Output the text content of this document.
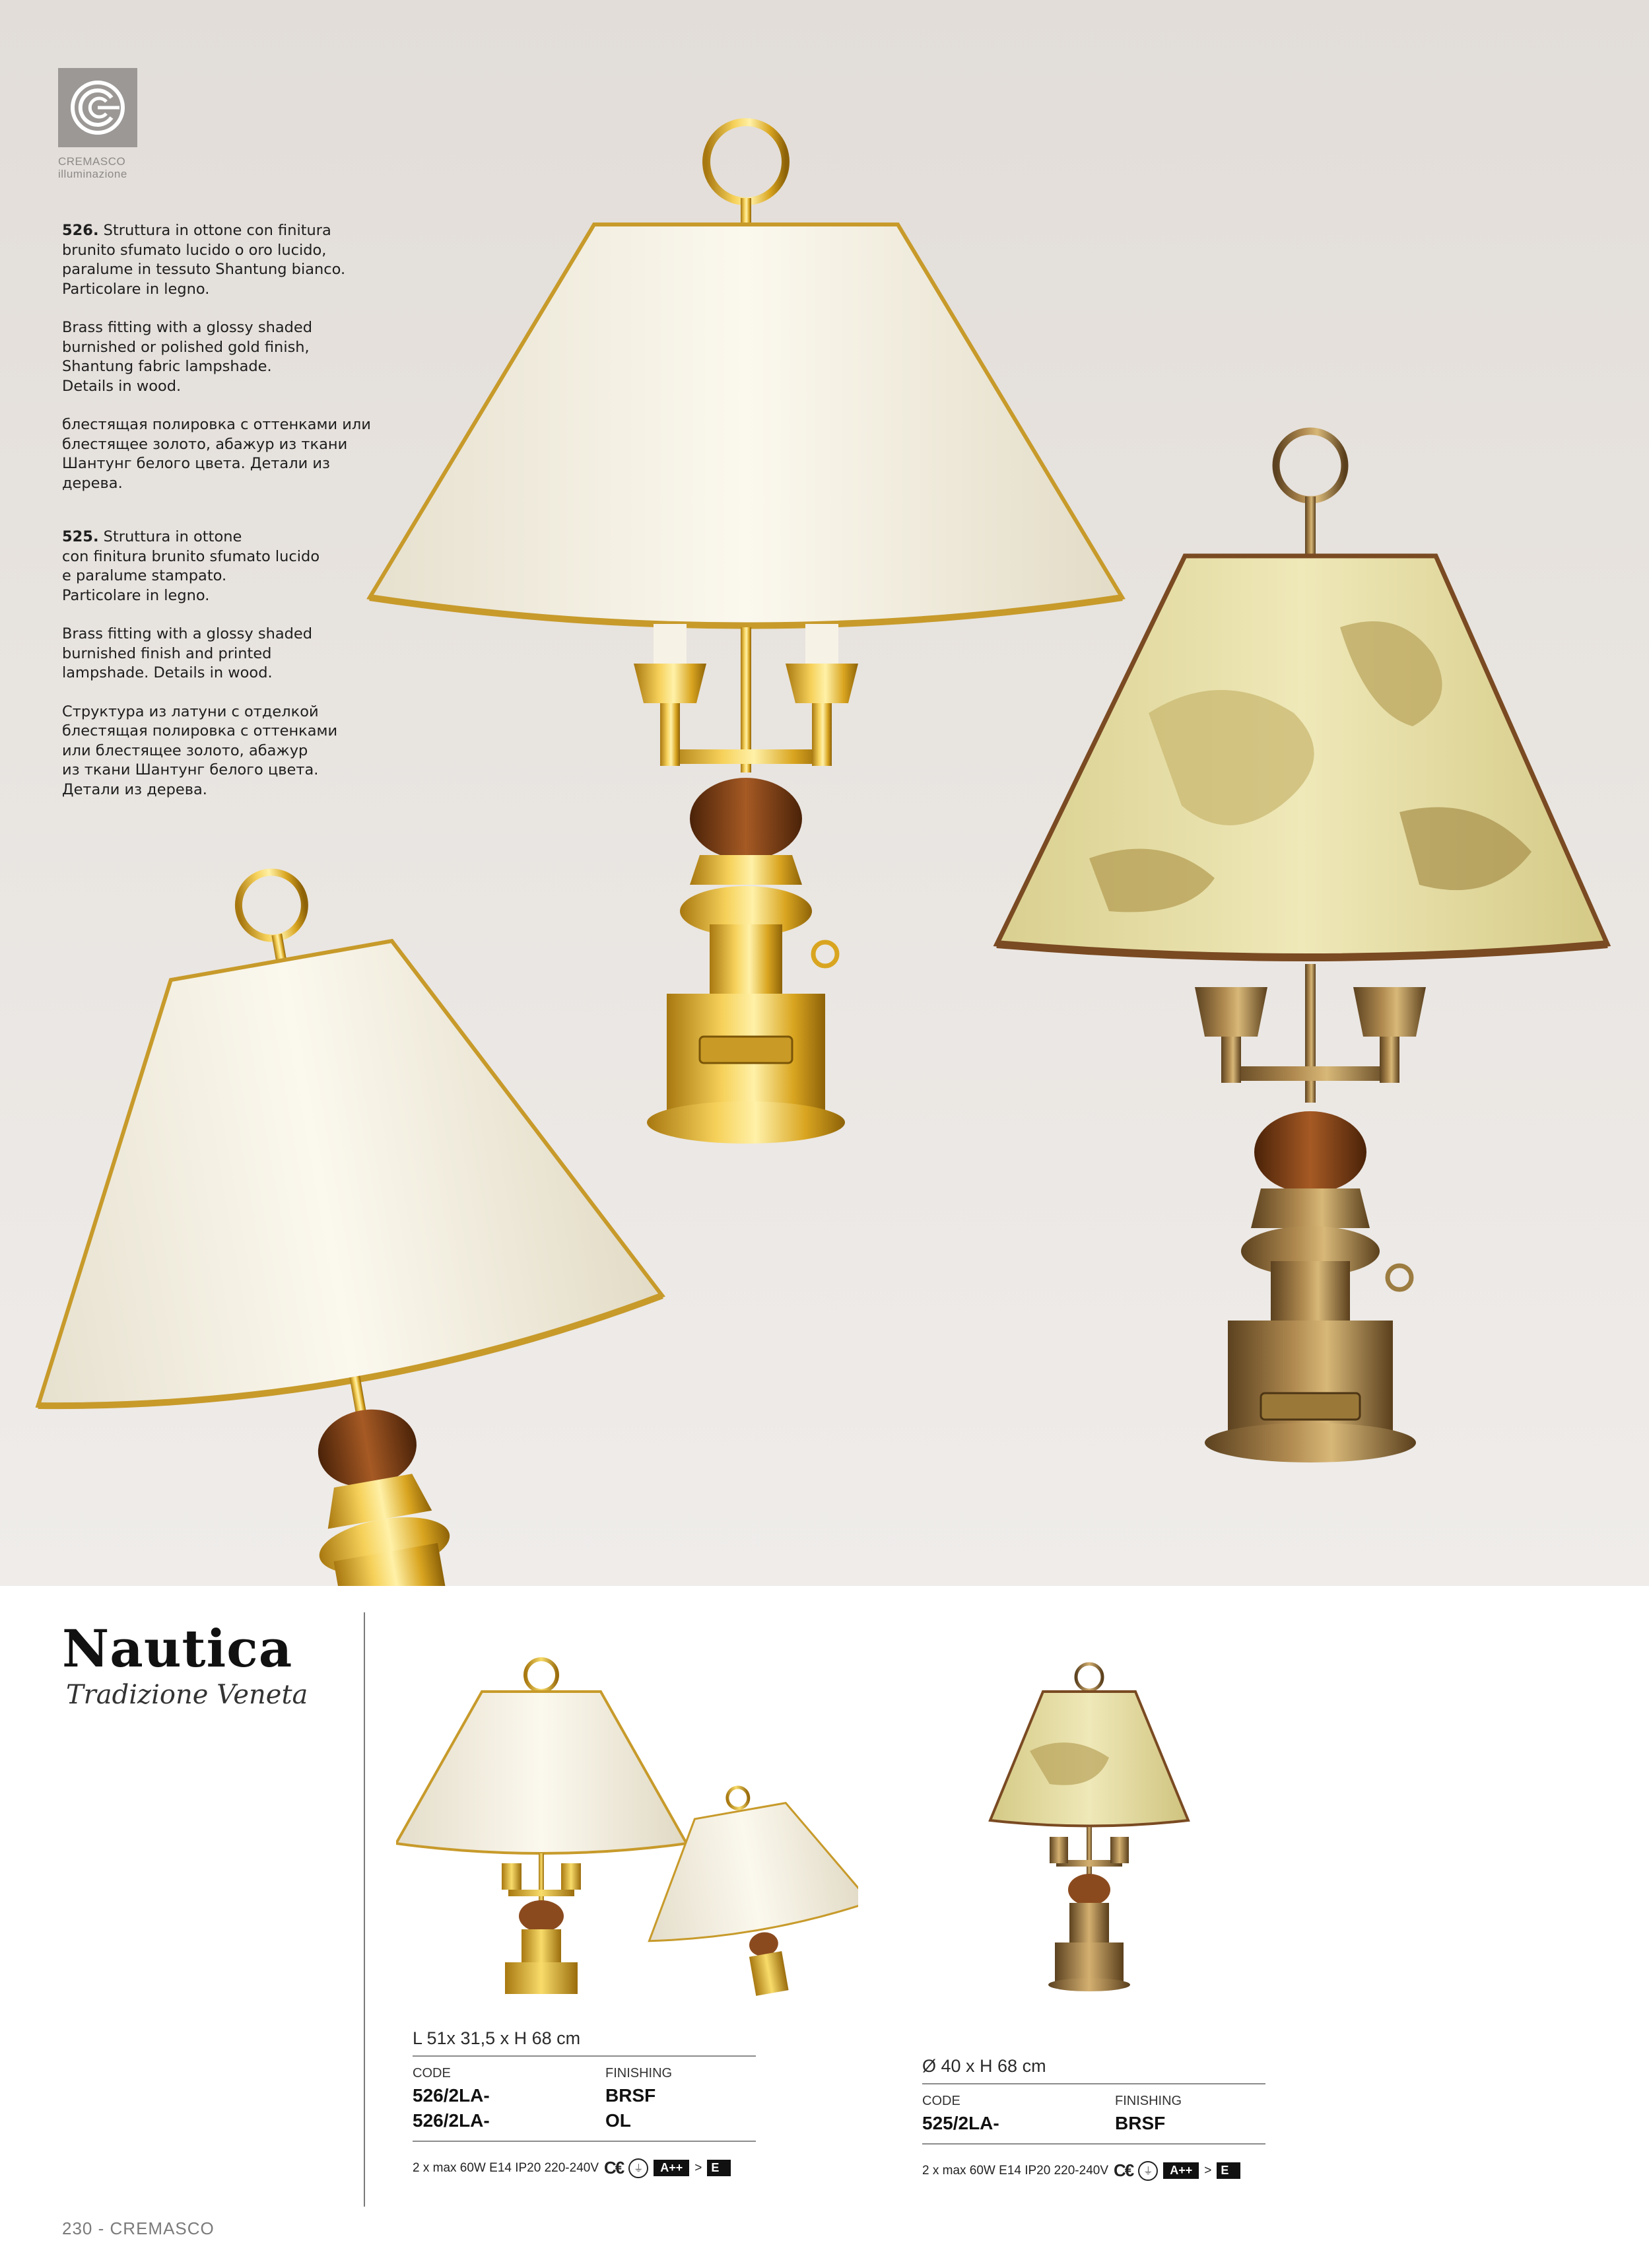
CREMASCO
illuminazione

526. Struttura in ottone con finitura
brunito sfumato lucido o oro lucido,
paralume in tessuto Shantung bianco.
Particolare in legno.

Brass fitting with a glossy shaded
burnished or polished gold finish,
Shantung fabric lampshade.
Details in wood.

блестящая полировка с оттенками или
блестящее золото, абажур из ткани
Шантунг белого цвета. Детали из
дерева.

525. Struttura in ottone
con finitura brunito sfumato lucido
e paralume stampato.
Particolare in legno.

Brass fitting with a glossy shaded
burnished finish and printed
lampshade. Details in wood.

Структура из латуни с отделкой
блестящая полировка с оттенками
или блестящее золото, абажур
из ткани Шантунг белого цвета.
Детали из дерева.

Nautica
Tradizione Veneta
L 51x 31,5 x H 68 cm
CODE	FINISHING
526/2LA-	BRSF
526/2LA-	OL
2 x max 60W E14 IP20 220-240V C€	⏚	A++ > E
Ø 40 x H 68 cm
CODE	FINISHING
525/2LA-	BRSF
2 x max 60W E14 IP20 220-240V C€	⏚	A++ > E
230 - CREMASCO
